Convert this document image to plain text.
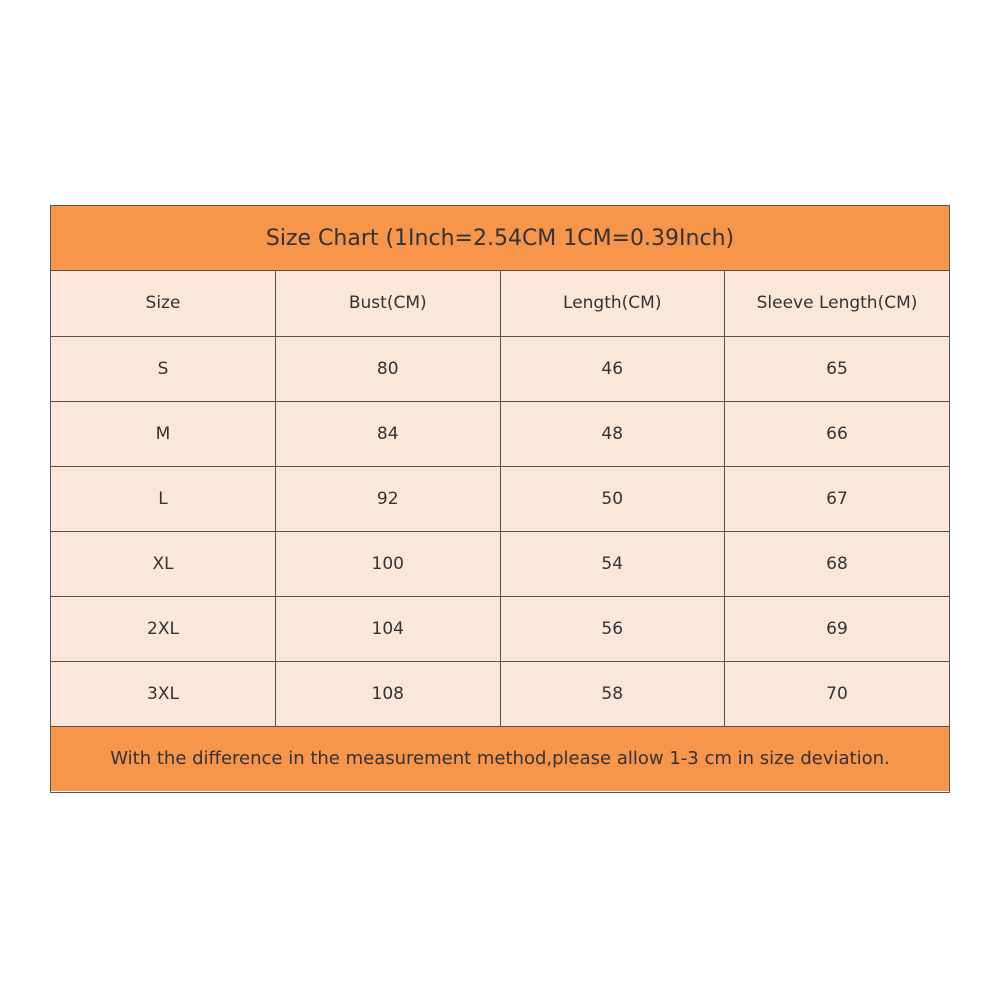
Size Chart (1Inch=2.54CM 1CM=0.39Inch)
Size	Bust(CM)	Length(CM)	Sleeve Length(CM)
S	80	46	65
M	84	48	66
L	92	50	67
XL	100	54	68
2XL	104	56	69
3XL	108	58	70
With the difference in the measurement method,please allow 1-3 cm in size deviation.
